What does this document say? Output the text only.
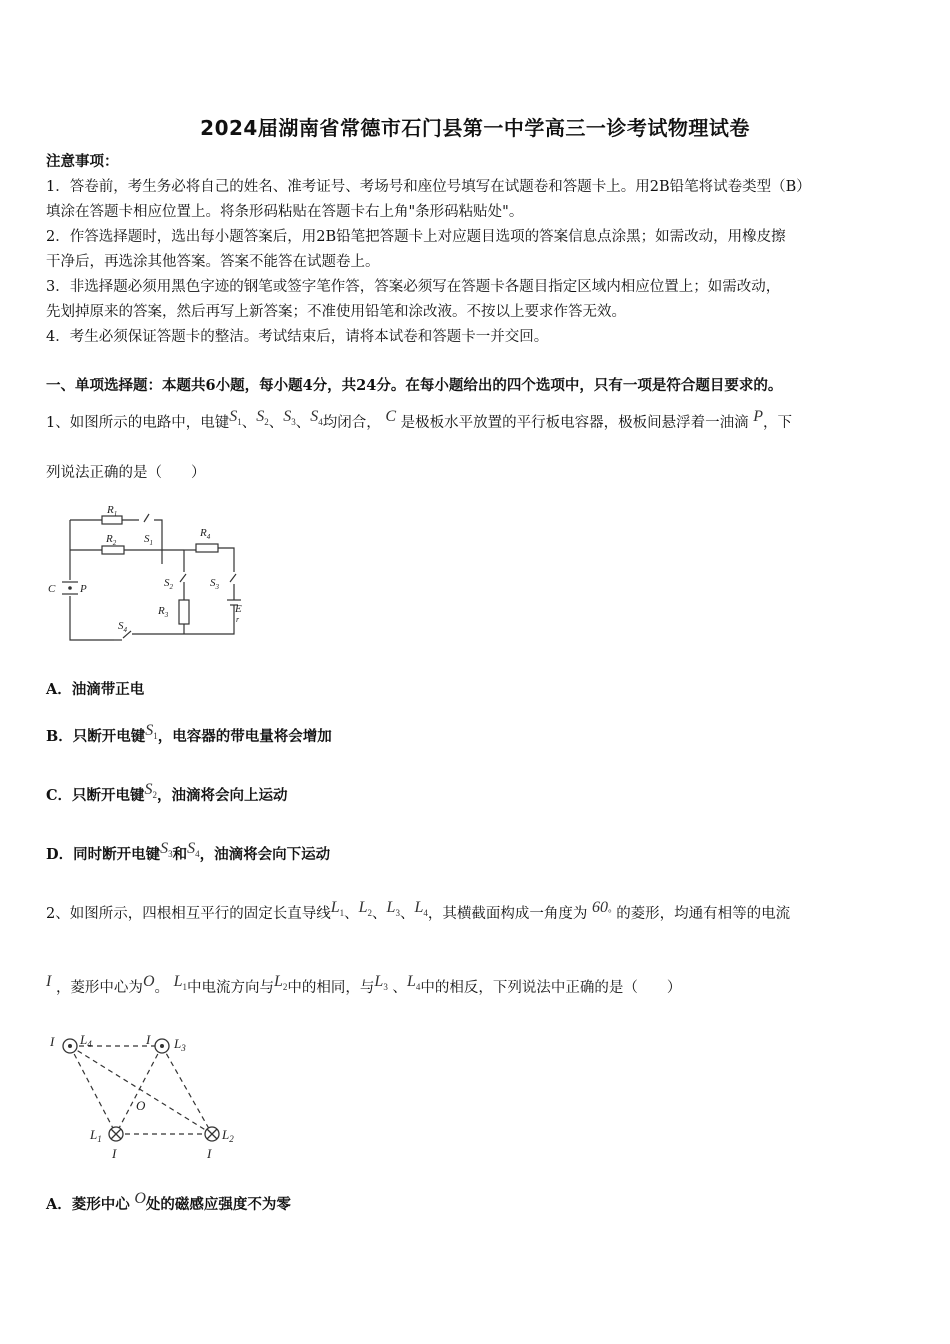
2024届湖南省常德市石门县第一中学高三一诊考试物理试卷
注意事项：
1．答卷前，考生务必将自己的姓名、准考证号、考场号和座位号填写在试题卷和答题卡上。用2B铅笔将试卷类型（B）
填涂在答题卡相应位置上。将条形码粘贴在答题卡右上角"条形码粘贴处"。
2．作答选择题时，选出每小题答案后，用2B铅笔把答题卡上对应题目选项的答案信息点涂黑；如需改动，用橡皮擦
干净后，再选涂其他答案。答案不能答在试题卷上。
3．非选择题必须用黑色字迹的钢笔或签字笔作答，答案必须写在答题卡各题目指定区域内相应位置上；如需改动，
先划掉原来的答案，然后再写上新答案；不准使用铅笔和涂改液。不按以上要求作答无效。
4．考生必须保证答题卡的整洁。考试结束后，请将本试卷和答题卡一并交回。
一、单项选择题：本题共6小题，每小题4分，共24分。在每小题给出的四个选项中，只有一项是符合题目要求的。
1、如图所示的电路中，电键$S_1$、$S_2$、$S_3$、$S_4$均闭合， C 是极板水平放置的平行板电容器，极板间悬浮着一油滴 P，下
列说法正确的是（　　）
$R_1$
$S_1$
$R_2$
$R_4$
$S_2$	$S_3$
$R_3$	E
r
C P
$S_4$
A．油滴带正电
B．只断开电键$S_1$，电容器的带电量将会增加
C．只断开电键$S_2$，油滴将会向上运动
D．同时断开电键$S_3$和$S_4$，油滴将会向下运动
2、如图所示，四根相互平行的固定长直导线$L_1$、$L_2$、$L_3$、$L_4$，其横截面构成一角度为 $60^\circ$ 的菱形，均通有相等的电流
I ，菱形中心为O。 $L_1$中电流方向与$L_2$中的相同，与$L_3$ 、$L_4$中的相反，下列说法中正确的是（　　）
I $L_4$	I $L_3$
O
$L_1$
I
$L_2$
I
A．菱形中心 O处的磁感应强度不为零
